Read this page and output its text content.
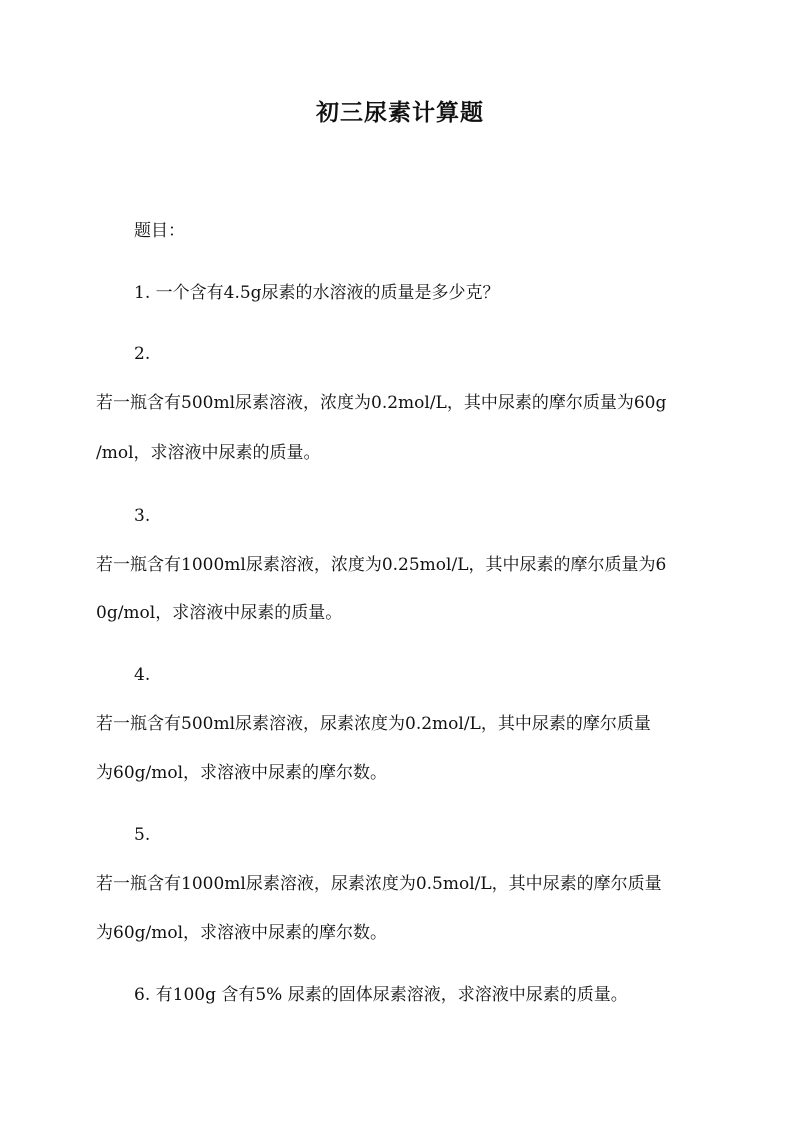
初三尿素计算题

题目：

1. 一个含有4.5g尿素的水溶液的质量是多少克？

2.

若一瓶含有500ml尿素溶液，浓度为0.2mol/L，其中尿素的摩尔质量为60g

/mol，求溶液中尿素的质量。

3.

若一瓶含有1000ml尿素溶液，浓度为0.25mol/L，其中尿素的摩尔质量为6

0g/mol，求溶液中尿素的质量。

4.

若一瓶含有500ml尿素溶液，尿素浓度为0.2mol/L，其中尿素的摩尔质量

为60g/mol，求溶液中尿素的摩尔数。

5.

若一瓶含有1000ml尿素溶液，尿素浓度为0.5mol/L，其中尿素的摩尔质量

为60g/mol，求溶液中尿素的摩尔数。

6. 有100g 含有5% 尿素的固体尿素溶液，求溶液中尿素的质量。
